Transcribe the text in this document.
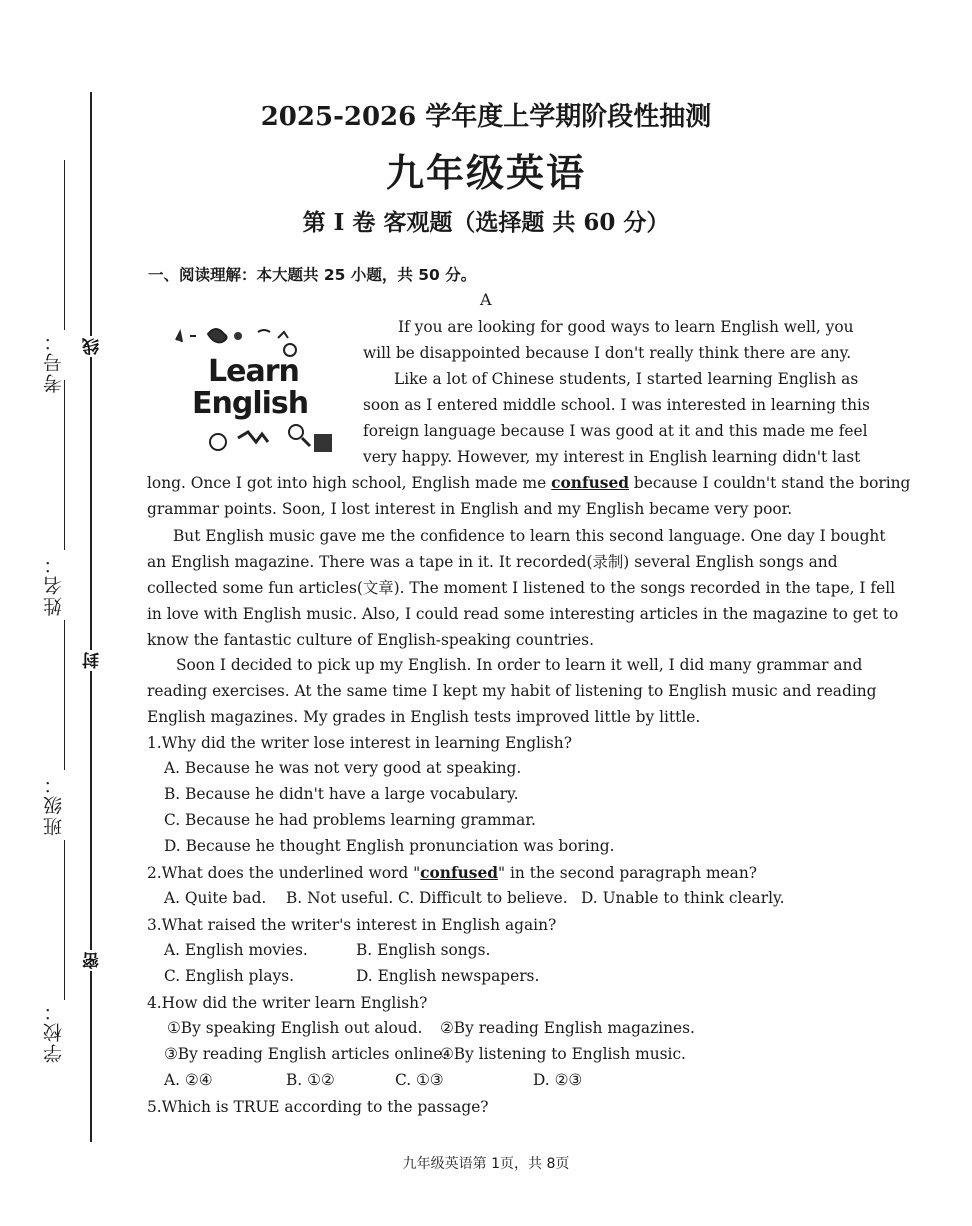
考号：
姓名：
班级：
学校：
线
封
密
2025-2026 学年度上学期阶段性抽测
九年级英语
第 I 卷 客观题（选择题 共 60 分）
一、阅读理解：本大题共 25 小题，共 50 分。
A
Learn
English
If you are looking for good ways to learn English well, you
will be disappointed because I don't really think there are any.
Like a lot of Chinese students, I started learning English as
soon as I entered middle school. I was interested in learning this
foreign language because I was good at it and this made me feel
very happy. However, my interest in English learning didn't last
long. Once I got into high school, English made me confused because I couldn't stand the boring
grammar points. Soon, I lost interest in English and my English became very poor.
But English music gave me the confidence to learn this second language. One day I bought
an English magazine. There was a tape in it. It recorded(录制) several English songs and
collected some fun articles(文章). The moment I listened to the songs recorded in the tape, I fell
in love with English music. Also, I could read some interesting articles in the magazine to get to
know the fantastic culture of English-speaking countries.
Soon I decided to pick up my English. In order to learn it well, I did many grammar and
reading exercises. At the same time I kept my habit of listening to English music and reading
English magazines. My grades in English tests improved little by little.
1.Why did the writer lose interest in learning English?
A. Because he was not very good at speaking.
B. Because he didn't have a large vocabulary.
C. Because he had problems learning grammar.
D. Because he thought English pronunciation was boring.
2.What does the underlined word "confused" in the second paragraph mean?
A. Quite bad. B. Not useful. C. Difficult to believe. D. Unable to think clearly.
3.What raised the writer's interest in English again?
A. English movies.	B. English songs.
C. English plays.	D. English newspapers.
4.How did the writer learn English?
①By speaking English out aloud. ②By reading English magazines.
③By reading English articles online.
④By listening to English music.
A. ②④	B. ①②	C. ①③	D. ②③
5.Which is TRUE according to the passage?
九年级英语第 1页，共 8页
